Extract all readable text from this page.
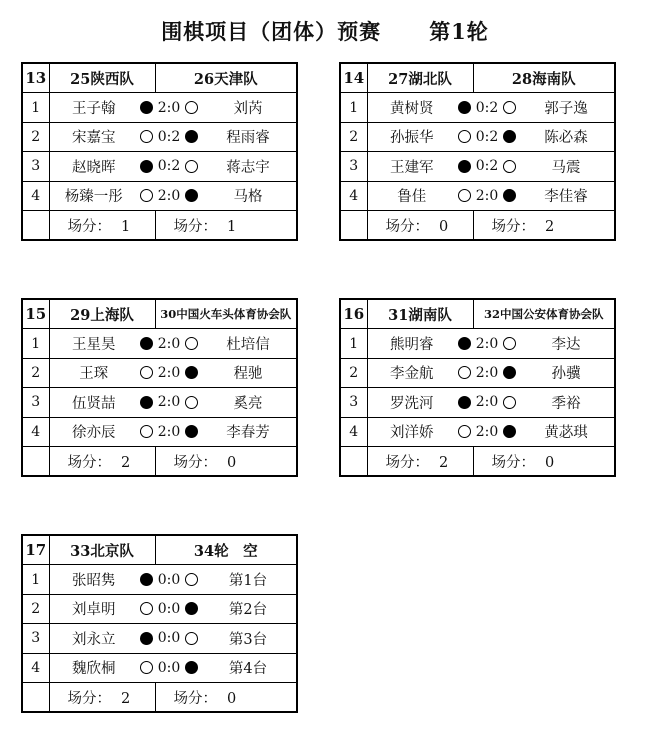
围棋项目（团体）预赛 第1轮
13	25陕西队		26天津队		
1	王子翰		2:0		刘芮
2	宋嘉宝		0:2		程雨睿
3	赵晓晖		0:2		蒋志宇
4	杨臻一彤		2:0		马格
	场分： 1		场分： 1		
14	27湖北队		28海南队		
1	黄树贤		0:2		郭子逸
2	孙振华		0:2		陈必森
3	王建军		0:2		马震
4	鲁佳		2:0		李佳睿
	场分： 0		场分： 2		
15	29上海队		30中国火车头体育协会队		
1	王星昊		2:0		杜培信
2	王琛		2:0		程驰
3	伍贤喆		2:0		奚亮
4	徐亦辰		2:0		李春芳
	场分： 2		场分： 0		
16	31湖南队		32中国公安体育协会队		
1	熊明睿		2:0		李达
2	李金航		2:0		孙骥
3	罗洗河		2:0		季裕
4	刘洋娇		2:0		黄苾琪
	场分： 2		场分： 0		
17	33北京队		34轮　空		
1	张昭隽		0:0		第1台
2	刘卓明		0:0		第2台
3	刘永立		0:0		第3台
4	魏欣桐		0:0		第4台
	场分： 2		场分： 0		
